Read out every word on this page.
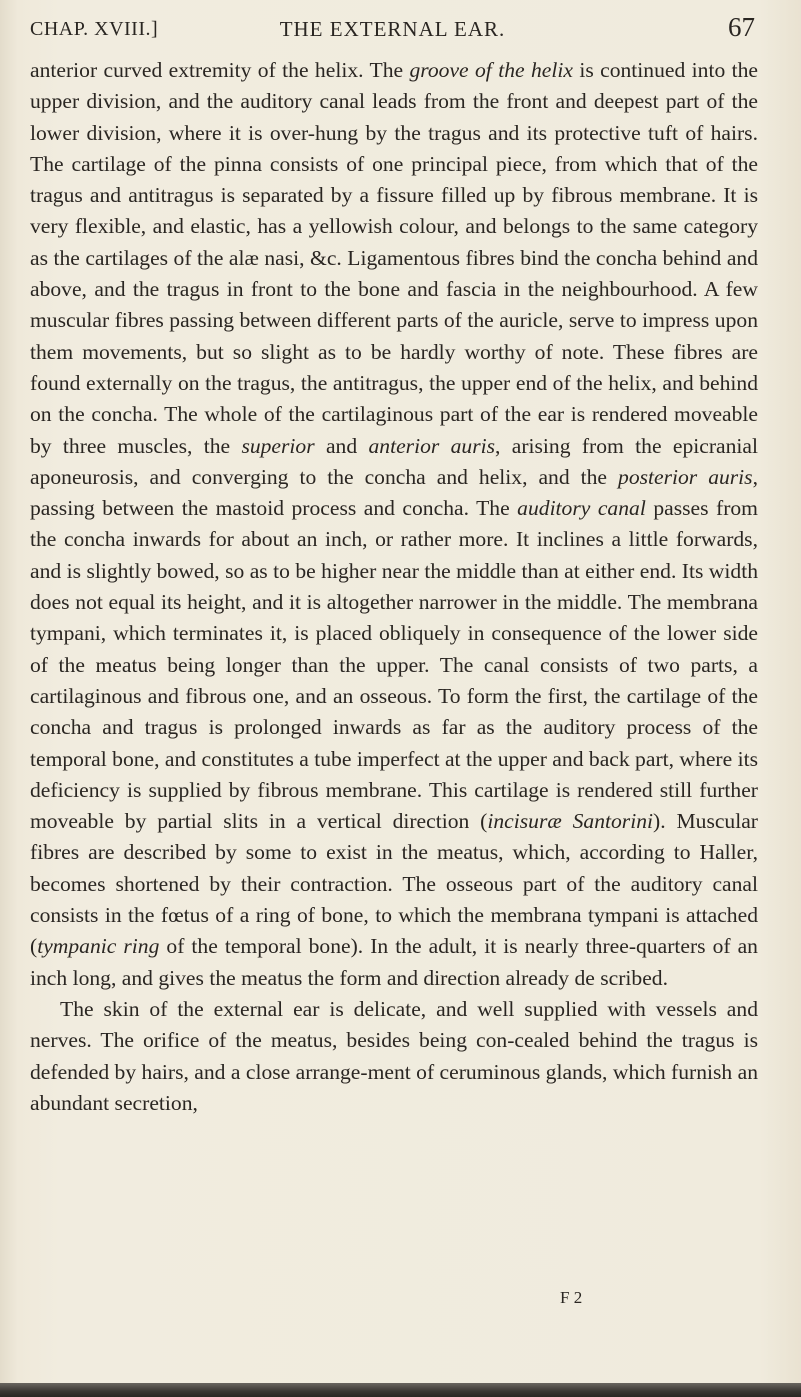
CHAP. XVIII.]	THE EXTERNAL EAR.	67

anterior curved extremity of the helix. The groove of the helix is continued into the upper division, and the auditory canal leads from the front and deepest part of the lower division, where it is over-hung by the tragus and its protective tuft of hairs. The cartilage of the pinna consists of one principal piece, from which that of the tragus and antitragus is separated by a fissure filled up by fibrous membrane. It is very flexible, and elastic, has a yellowish colour, and belongs to the same category as the cartilages of the alæ nasi, &c. Ligamentous fibres bind the concha behind and above, and the tragus in front to the bone and fascia in the neighbourhood. A few muscular fibres passing between different parts of the auricle, serve to impress upon them movements, but so slight as to be hardly worthy of note. These fibres are found externally on the tragus, the antitragus, the upper end of the helix, and behind on the concha. The whole of the cartilaginous part of the ear is rendered moveable by three muscles, the superior and anterior auris, arising from the epicranial aponeurosis, and converging to the concha and helix, and the posterior auris, passing between the mastoid process and concha. The auditory canal passes from the concha inwards for about an inch, or rather more. It inclines a little forwards, and is slightly bowed, so as to be higher near the middle than at either end. Its width does not equal its height, and it is altogether narrower in the middle. The membrana tympani, which terminates it, is placed obliquely in consequence of the lower side of the meatus being longer than the upper. The canal consists of two parts, a cartilaginous and fibrous one, and an osseous. To form the first, the cartilage of the concha and tragus is prolonged inwards as far as the auditory process of the temporal bone, and constitutes a tube imperfect at the upper and back part, where its deficiency is supplied by fibrous membrane. This cartilage is rendered still further moveable by partial slits in a vertical direction (incisuræ Santorini). Muscular fibres are described by some to exist in the meatus, which, according to Haller, becomes shortened by their contraction. The osseous part of the auditory canal consists in the fœtus of a ring of bone, to which the membrana tympani is attached (tympanic ring of the temporal bone). In the adult, it is nearly three-quarters of an inch long, and gives the meatus the form and direction already de scribed.

The skin of the external ear is delicate, and well supplied with vessels and nerves. The orifice of the meatus, besides being con-cealed behind the tragus is defended by hairs, and a close arrange-ment of ceruminous glands, which furnish an abundant secretion,

F 2
